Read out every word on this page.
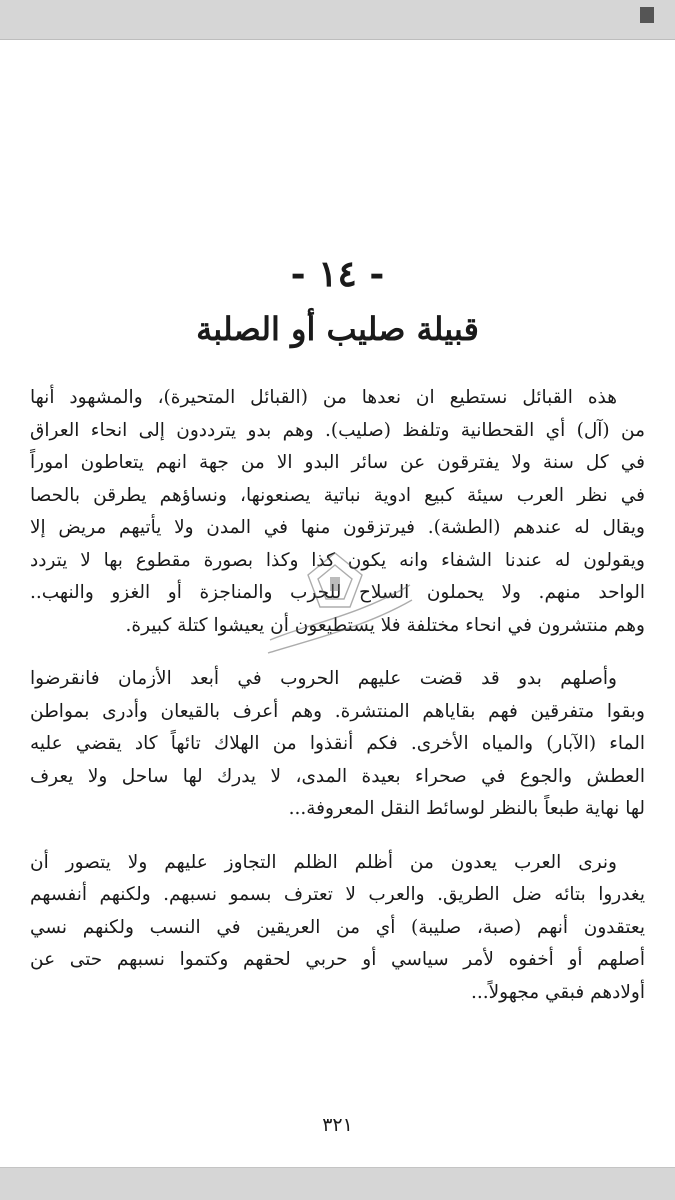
- ١٤ -
قبيلة صليب أو الصلبة
هذه القبائل نستطيع ان نعدها من (القبائل المتحيرة)، والمشهود أنها
من (آل) أي القحطانية وتلفظ (صليب). وهم بدو يترددون إلى انحاء العراق
في كل سنة ولا يفترقون عن سائر البدو الا من جهة انهم يتعاطون اموراً
في نظر العرب سيئة كبيع ادوية نباتية يصنعونها، ونساؤهم يطرقن بالحصا
ويقال له عندهم (الطشة). فيرتزقون منها في المدن ولا يأتيهم مريض إلا
ويقولون له عندنا الشفاء وانه يكون كذا وكذا بصورة مقطوع بها لا يتردد
الواحد منهم. ولا يحملون السلاح للحرب والمناجزة أو الغزو والنهب..
وهم منتشرون في انحاء مختلفة فلا يستطيعون أن يعيشوا كتلة كبيرة.
وأصلهم بدو قد قضت عليهم الحروب في أبعد الأزمان فانقرضوا
وبقوا متفرقين فهم بقاياهم المنتشرة. وهم أعرف بالقيعان وأدرى بمواطن
الماء (الآبار) والمياه الأخرى. فكم أنقذوا من الهلاك تائهاً كاد يقضي عليه
العطش والجوع في صحراء بعيدة المدى، لا يدرك لها ساحل ولا يعرف
لها نهاية طبعاً بالنظر لوسائط النقل المعروفة...
ونرى العرب يعدون من أظلم الظلم التجاوز عليهم ولا يتصور أن
يغدروا بتائه ضل الطريق. والعرب لا تعترف بسمو نسبهم. ولكنهم أنفسهم
يعتقدون أنهم (صبة، صليبة) أي من العريقين في النسب ولكنهم نسي
أصلهم أو أخفوه لأمر سياسي أو حربي لحقهم وكتموا نسبهم حتى عن
أولادهم فبقي مجهولاً...
٣٢١
